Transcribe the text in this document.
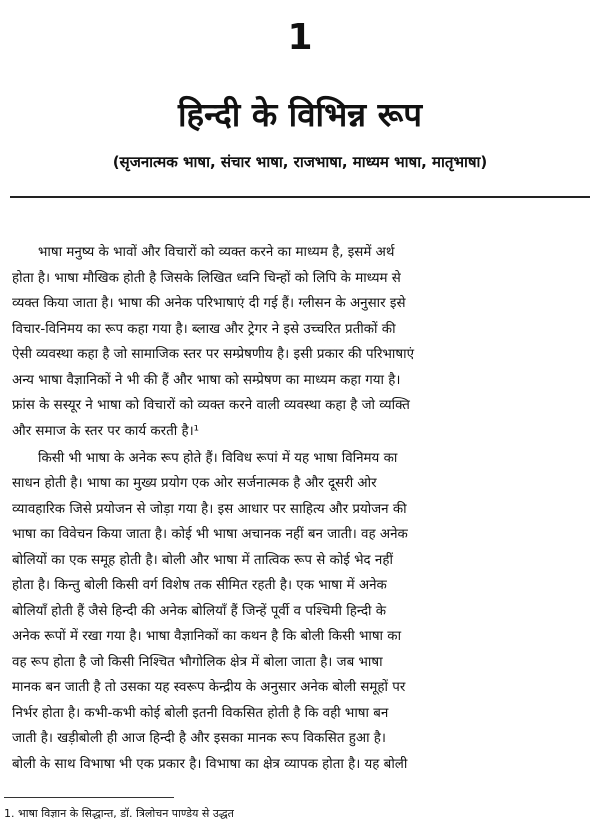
1
हिन्दी के विभिन्न रूप
(सृजनात्मक भाषा, संचार भाषा, राजभाषा, माध्यम भाषा, मातृभाषा)
भाषा मनुष्य के भावों और विचारों को व्यक्त करने का माध्यम है, इसमें अर्थ
होता है। भाषा मौखिक होती है जिसके लिखित ध्वनि चिन्हों को लिपि के माध्यम से
व्यक्त किया जाता है। भाषा की अनेक परिभाषाएं दी गई हैं। ग्लीसन के अनुसार इसे
विचार-विनिमय का रूप कहा गया है। ब्लाख और ट्रेगर ने इसे उच्चरित प्रतीकों की
ऐसी व्यवस्था कहा है जो सामाजिक स्तर पर सम्प्रेषणीय है। इसी प्रकार की परिभाषाएं
अन्य भाषा वैज्ञानिकों ने भी की हैं और भाषा को सम्प्रेषण का माध्यम कहा गया है।
फ्रांस के सस्यूर ने भाषा को विचारों को व्यक्त करने वाली व्यवस्था कहा है जो व्यक्ति
और समाज के स्तर पर कार्य करती है।¹
किसी भी भाषा के अनेक रूप होते हैं। विविध रूपां में यह भाषा विनिमय का
साधन होती है। भाषा का मुख्य प्रयोग एक ओर सर्जनात्मक है और दूसरी ओर
व्यावहारिक जिसे प्रयोजन से जोड़ा गया है। इस आधार पर साहित्य और प्रयोजन की
भाषा का विवेचन किया जाता है। कोई भी भाषा अचानक नहीं बन जाती। वह अनेक
बोलियों का एक समूह होती है। बोली और भाषा में तात्विक रूप से कोई भेद नहीं
होता है। किन्तु बोली किसी वर्ग विशेष तक सीमित रहती है। एक भाषा में अनेक
बोलियाँ होती हैं जैसे हिन्दी की अनेक बोलियाँ हैं जिन्हें पूर्वी व पश्चिमी हिन्दी के
अनेक रूपों में रखा गया है। भाषा वैज्ञानिकों का कथन है कि बोली किसी भाषा का
वह रूप होता है जो किसी निश्चित भौगोलिक क्षेत्र में बोला जाता है। जब भाषा
मानक बन जाती है तो उसका यह स्वरूप केन्द्रीय के अनुसार अनेक बोली समूहों पर
निर्भर होता है। कभी-कभी कोई बोली इतनी विकसित होती है कि वही भाषा बन
जाती है। खड़ीबोली ही आज हिन्दी है और इसका मानक रूप विकसित हुआ है।
बोली के साथ विभाषा भी एक प्रकार है। विभाषा का क्षेत्र व्यापक होता है। यह बोली
1. भाषा विज्ञान के सिद्धान्त, डॉ. त्रिलोचन पाण्डेय से उद्धत
